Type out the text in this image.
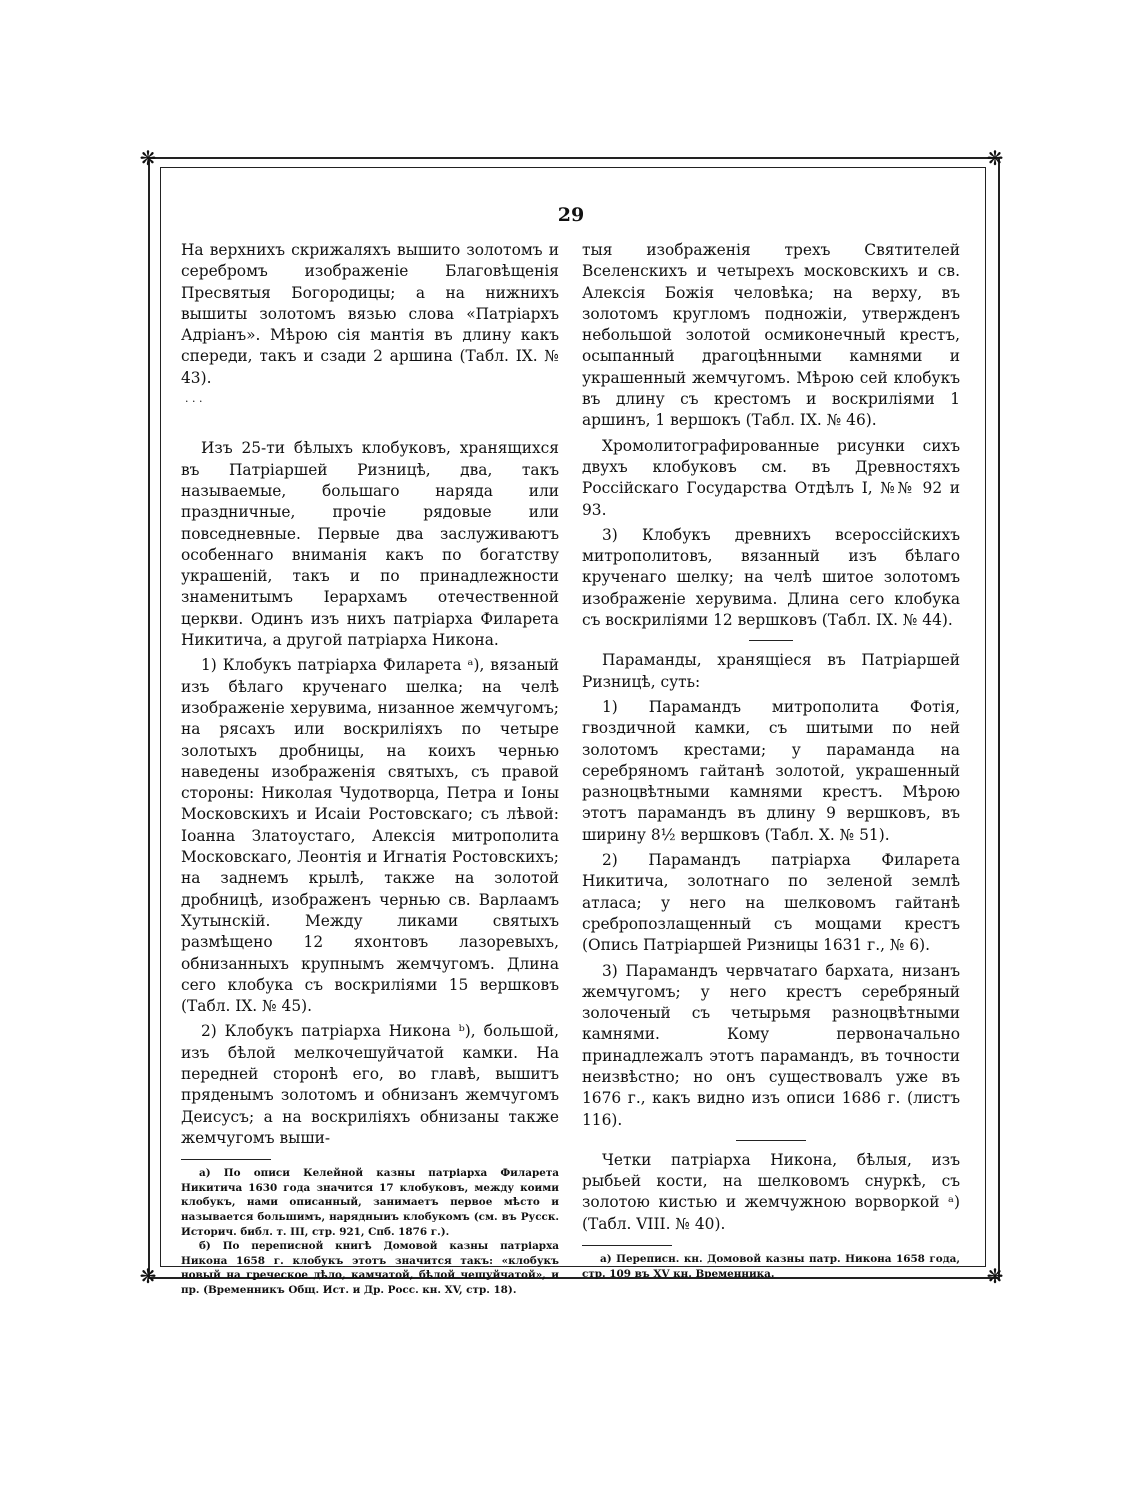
❋	❋
❋	❋
29

На верхнихъ скрижаляхъ вышито золотомъ и серебромъ изображеніе Благовѣщенія Пресвятыя Богородицы; а на нижнихъ вышиты золотомъ вязью слова «Патріархъ Адріанъ». Мѣрою сія мантія въ длину какъ спереди, такъ и сзади 2 аршина (Табл. IX. № 43).

· · ·

Изъ 25-ти бѣлыхъ клобуковъ, хранящихся въ Патріаршей Ризницѣ, два, такъ называемые, большаго наряда или праздничные, прочіе рядовые или повседневные. Первые два заслуживаютъ особеннаго вниманія какъ по богатству украшеній, такъ и по принадлежности знаменитымъ Іерархамъ отечественной церкви. Одинъ изъ нихъ патріарха Филарета Никитича, а другой патріарха Никона.

1) Клобукъ патріарха Филарета ᵃ), вязаный изъ бѣлаго крученаго шелка; на челѣ изображеніе херувима, низанное жемчугомъ; на рясахъ или воскриліяхъ по четыре золотыхъ дробницы, на коихъ чернью наведены изображенія святыхъ, съ правой стороны: Николая Чудотворца, Петра и Іоны Московскихъ и Исаіи Ростовскаго; съ лѣвой: Іоанна Златоустаго, Алексія митрополита Московскаго, Леонтія и Игнатія Ростовскихъ; на заднемъ крылѣ, также на золотой дробницѣ, изображенъ чернью св. Варлаамъ Хутынскій. Между ликами святыхъ размѣщено 12 яхонтовъ лазоревыхъ, обнизанныхъ крупнымъ жемчугомъ. Длина сего клобука съ воскриліями 15 вершковъ (Табл. IX. № 45).

2) Клобукъ патріарха Никона ᵇ), большой, изъ бѣлой мелкочешуйчатой камки. На передней сторонѣ его, во главѣ, вышитъ пряденымъ золотомъ и обнизанъ жемчугомъ Деисусъ; а на воскриліяхъ обнизаны также жемчугомъ выши-

а) По описи Келейной казны патріарха Филарета Никитича 1630 года значится 17 клобуковъ, между коими клобукъ, нами описанный, занимаетъ первое мѣсто и называется большимъ, нарядныиъ клобукомъ (см. въ Русск. Историч. библ. т. III, стр. 921, Спб. 1876 г.).

б) По переписной книгѣ Домовой казны патріарха Никона 1658 г. клобукъ этотъ значится такъ: «клобукъ новый на греческое дѣло, камчатой, бѣлой чешуйчатой», и пр. (Временникъ Общ. Ист. и Др. Росс. кн. XV, стр. 18).

тыя изображенія трехъ Святителей Вселенскихъ и четырехъ московскихъ и св. Алексія Божія человѣка; на верху, въ золотомъ кругломъ подножіи, утвержденъ небольшой золотой осмиконечный крестъ, осыпанный драгоцѣнными камнями и украшенный жемчугомъ. Мѣрою сей клобукъ въ длину съ крестомъ и воскриліями 1 аршинъ, 1 вершокъ (Табл. IX. № 46).

Хромолитографированные рисунки сихъ двухъ клобуковъ см. въ Древностяхъ Россійскаго Государства Отдѣлъ I, №№ 92 и 93.

3) Клобукъ древнихъ всероссійскихъ митрополитовъ, вязанный изъ бѣлаго крученаго шелку; на челѣ шитое золотомъ изображеніе херувима. Длина сего клобука съ воскриліями 12 вершковъ (Табл. IX. № 44).

Параманды, хранящіеся въ Патріаршей Ризницѣ, суть:

1) Парамандъ митрополита Фотія, гвоздичной камки, съ шитыми по ней золотомъ крестами; у параманда на серебряномъ гайтанѣ золотой, украшенный разноцвѣтными камнями крестъ. Мѣрою этотъ парамандъ въ длину 9 вершковъ, въ ширину 8½ вершковъ (Табл. X. № 51).

2) Парамандъ патріарха Филарета Никитича, золотнаго по зеленой землѣ атласа; у него на шелковомъ гайтанѣ сребропозлащенный съ мощами крестъ (Опись Патріаршей Ризницы 1631 г., № 6).

3) Парамандъ червчатаго бархата, низанъ жемчугомъ; у него крестъ серебряный золоченый съ четырьмя разноцвѣтными камнями. Кому первоначально принадлежалъ этотъ парамандъ, въ точности неизвѣстно; но онъ существовалъ уже въ 1676 г., какъ видно изъ описи 1686 г. (листъ 116).

Четки патріарха Никона, бѣлыя, изъ рыбьей кости, на шелковомъ снуркѣ, съ золотою кистью и жемчужною ворворкой ᵃ) (Табл. VIII. № 40).

а) Переписн. кн. Домовой казны патр. Никона 1658 года, стр. 109 въ XV кн. Временника.
